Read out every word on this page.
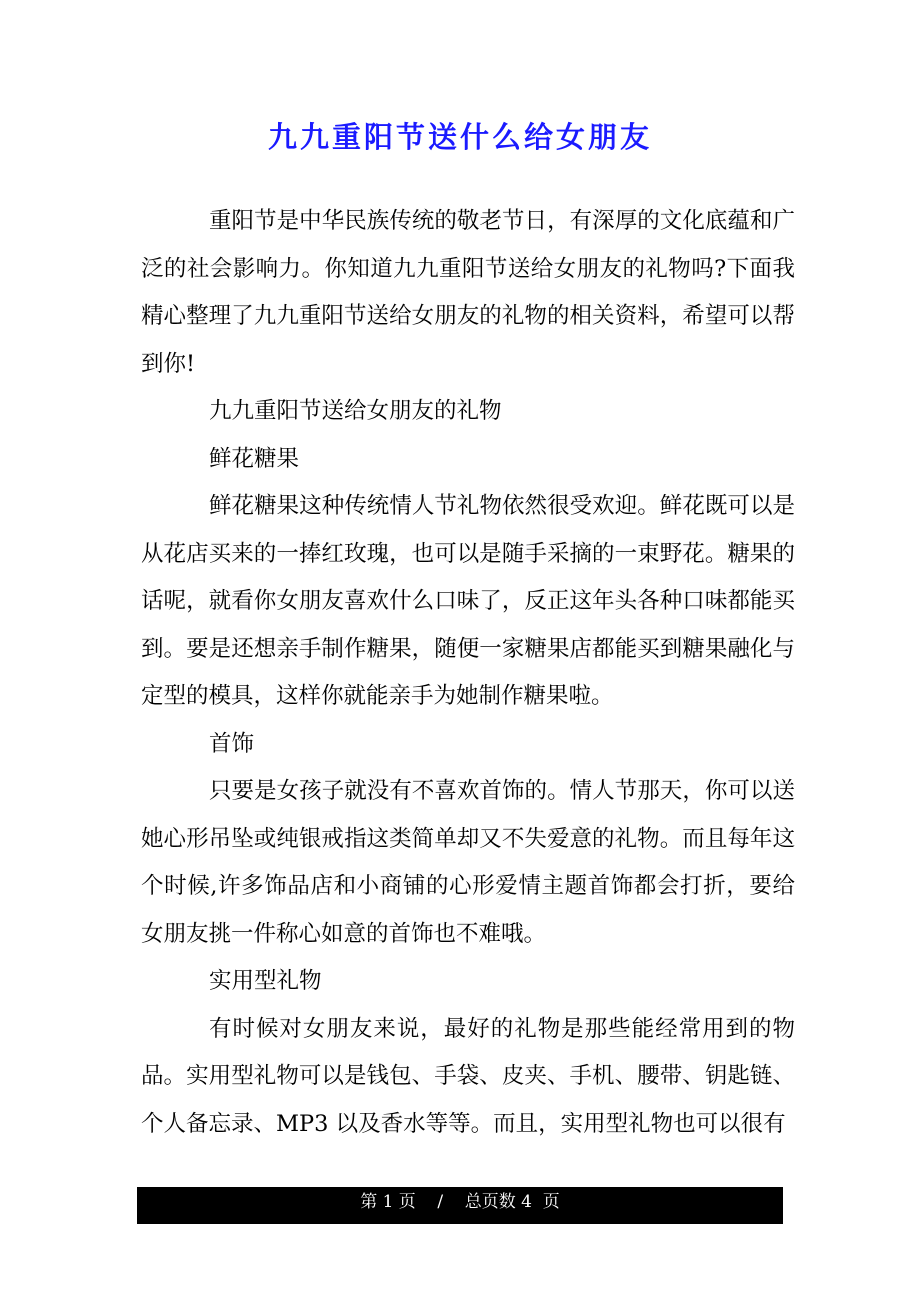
九九重阳节送什么给女朋友

重阳节是中华民族传统的敬老节日，有深厚的文化底蕴和广泛的社会影响力。你知道九九重阳节送给女朋友的礼物吗?下面我精心整理了九九重阳节送给女朋友的礼物的相关资料，希望可以帮到你!

九九重阳节送给女朋友的礼物

鲜花糖果

鲜花糖果这种传统情人节礼物依然很受欢迎。鲜花既可以是从花店买来的一捧红玫瑰，也可以是随手采摘的一束野花。糖果的话呢，就看你女朋友喜欢什么口味了，反正这年头各种口味都能买到。要是还想亲手制作糖果，随便一家糖果店都能买到糖果融化与定型的模具，这样你就能亲手为她制作糖果啦。

首饰

只要是女孩子就没有不喜欢首饰的。情人节那天，你可以送她心形吊坠或纯银戒指这类简单却又不失爱意的礼物。而且每年这个时候,许多饰品店和小商铺的心形爱情主题首饰都会打折，要给女朋友挑一件称心如意的首饰也不难哦。

实用型礼物

有时候对女朋友来说，最好的礼物是那些能经常用到的物品。实用型礼物可以是钱包、手袋、皮夹、手机、腰带、钥匙链、个人备忘录、MP3 以及香水等等。而且，实用型礼物也可以很有

第 1 页    /    总页数 4  页
